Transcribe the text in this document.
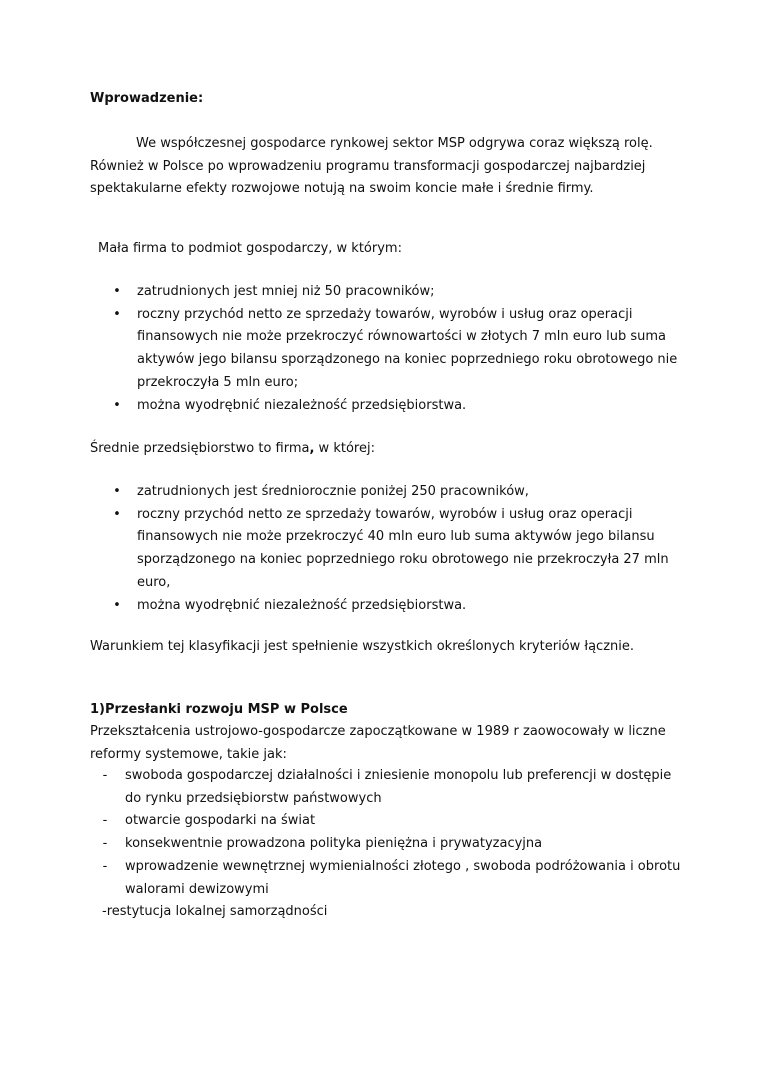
Wprowadzenie:

We współczesnej gospodarce rynkowej sektor MSP odgrywa coraz większą rolę. Również w Polsce po wprowadzeniu programu transformacji gospodarczej najbardziej spektakularne efekty rozwojowe notują na swoim koncie małe i średnie firmy.

Mała firma to podmiot gospodarczy, w którym:

• zatrudnionych jest mniej niż 50 pracowników;
• roczny przychód netto ze sprzedaży towarów, wyrobów i usług oraz operacji finansowych nie może przekroczyć równowartości w złotych 7 mln euro lub suma aktywów jego bilansu sporządzonego na koniec poprzedniego roku obrotowego nie przekroczyła 5 mln euro;
• można wyodrębnić niezależność przedsiębiorstwa.

Średnie przedsiębiorstwo to firma, w której:

• zatrudnionych jest średniorocznie poniżej 250 pracowników,
• roczny przychód netto ze sprzedaży towarów, wyrobów i usług oraz operacji finansowych nie może przekroczyć 40 mln euro lub suma aktywów jego bilansu sporządzonego na koniec poprzedniego roku obrotowego nie przekroczyła 27 mln euro,
• można wyodrębnić niezależność przedsiębiorstwa.

Warunkiem tej klasyfikacji jest spełnienie wszystkich określonych kryteriów łącznie.

1)Przesłanki rozwoju MSP w Polsce

Przekształcenia ustrojowo-gospodarcze zapoczątkowane w 1989 r zaowocowały w liczne reformy systemowe, takie jak:

- swoboda gospodarczej działalności i zniesienie monopolu lub preferencji w dostępie do rynku przedsiębiorstw państwowych
- otwarcie gospodarki na świat
- konsekwentnie prowadzona polityka pieniężna i prywatyzacyjna
- wprowadzenie wewnętrznej wymienialności złotego , swoboda podróżowania i obrotu walorami dewizowymi

-restytucja lokalnej samorządności
